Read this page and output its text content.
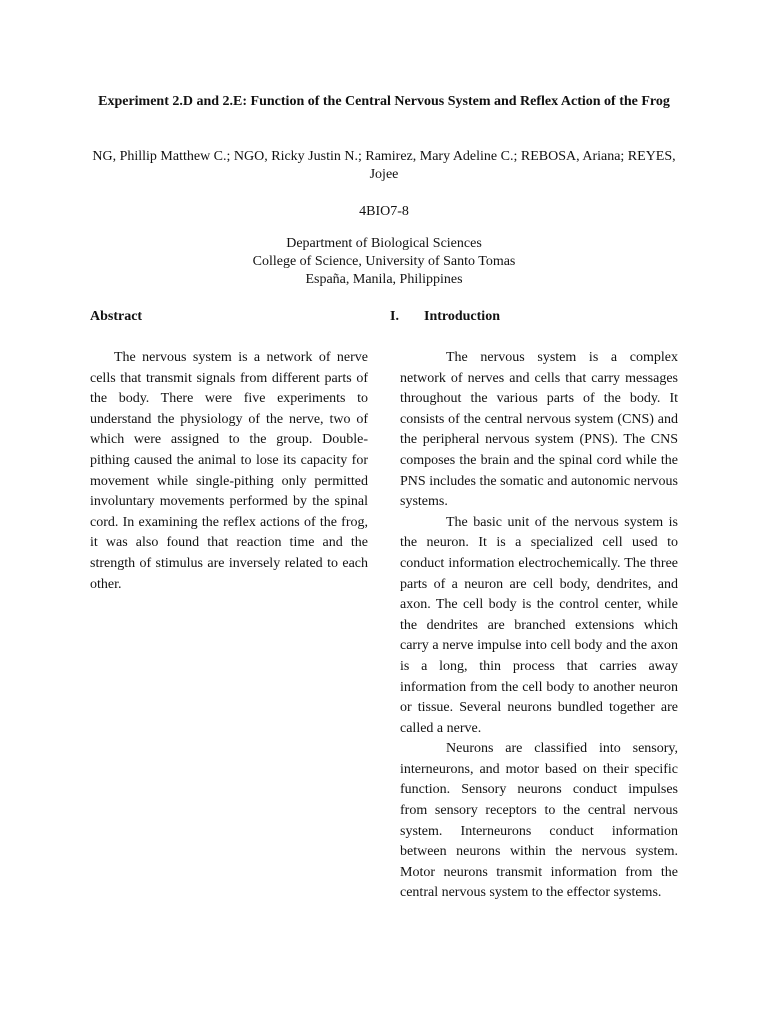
Experiment 2.D and 2.E: Function of the Central Nervous System and Reflex Action of the Frog

NG, Phillip Matthew C.; NGO, Ricky Justin N.; Ramirez, Mary Adeline C.; REBOSA, Ariana; REYES, Jojee

4BIO7-8

Department of Biological Sciences
College of Science, University of Santo Tomas
España, Manila, Philippines
Abstract

The nervous system is a network of nerve cells that transmit signals from different parts of the body. There were five experiments to understand the physiology of the nerve, two of which were assigned to the group. Double-pithing caused the animal to lose its capacity for movement while single-pithing only permitted involuntary movements performed by the spinal cord. In examining the reflex actions of the frog, it was also found that reaction time and the strength of stimulus are inversely related to each other.

I. Introduction

The nervous system is a complex network of nerves and cells that carry messages throughout the various parts of the body. It consists of the central nervous system (CNS) and the peripheral nervous system (PNS). The CNS composes the brain and the spinal cord while the PNS includes the somatic and autonomic nervous systems.

The basic unit of the nervous system is the neuron. It is a specialized cell used to conduct information electrochemically. The three parts of a neuron are cell body, dendrites, and axon. The cell body is the control center, while the dendrites are branched extensions which carry a nerve impulse into cell body and the axon is a long, thin process that carries away information from the cell body to another neuron or tissue. Several neurons bundled together are called a nerve.

Neurons are classified into sensory, interneurons, and motor based on their specific function. Sensory neurons conduct impulses from sensory receptors to the central nervous system. Interneurons conduct information between neurons within the nervous system. Motor neurons transmit information from the central nervous system to the effector systems.
